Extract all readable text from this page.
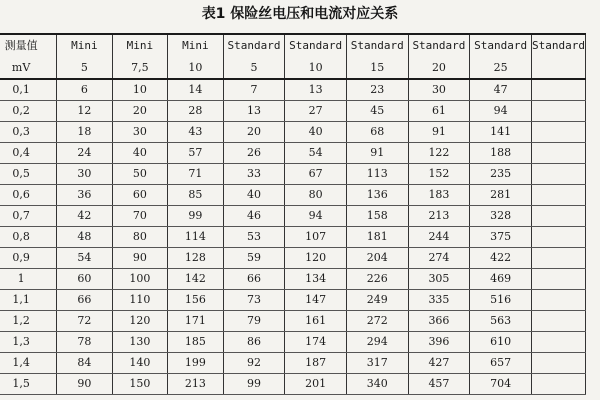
表1 保险丝电压和电流对应关系
测量值	Mini	Mini	Mini	Standard	Standard	Standard	Standard	Standard	Standard
mV	5	7,5	10	5	10	15	20	25	
0,1	6	10	14	7	13	23	30	47	
0,2	12	20	28	13	27	45	61	94	
0,3	18	30	43	20	40	68	91	141	
0,4	24	40	57	26	54	91	122	188	
0,5	30	50	71	33	67	113	152	235	
0,6	36	60	85	40	80	136	183	281	
0,7	42	70	99	46	94	158	213	328	
0,8	48	80	114	53	107	181	244	375	
0,9	54	90	128	59	120	204	274	422	
1	60	100	142	66	134	226	305	469	
1,1	66	110	156	73	147	249	335	516	
1,2	72	120	171	79	161	272	366	563	
1,3	78	130	185	86	174	294	396	610	
1,4	84	140	199	92	187	317	427	657	
1,5	90	150	213	99	201	340	457	704	
